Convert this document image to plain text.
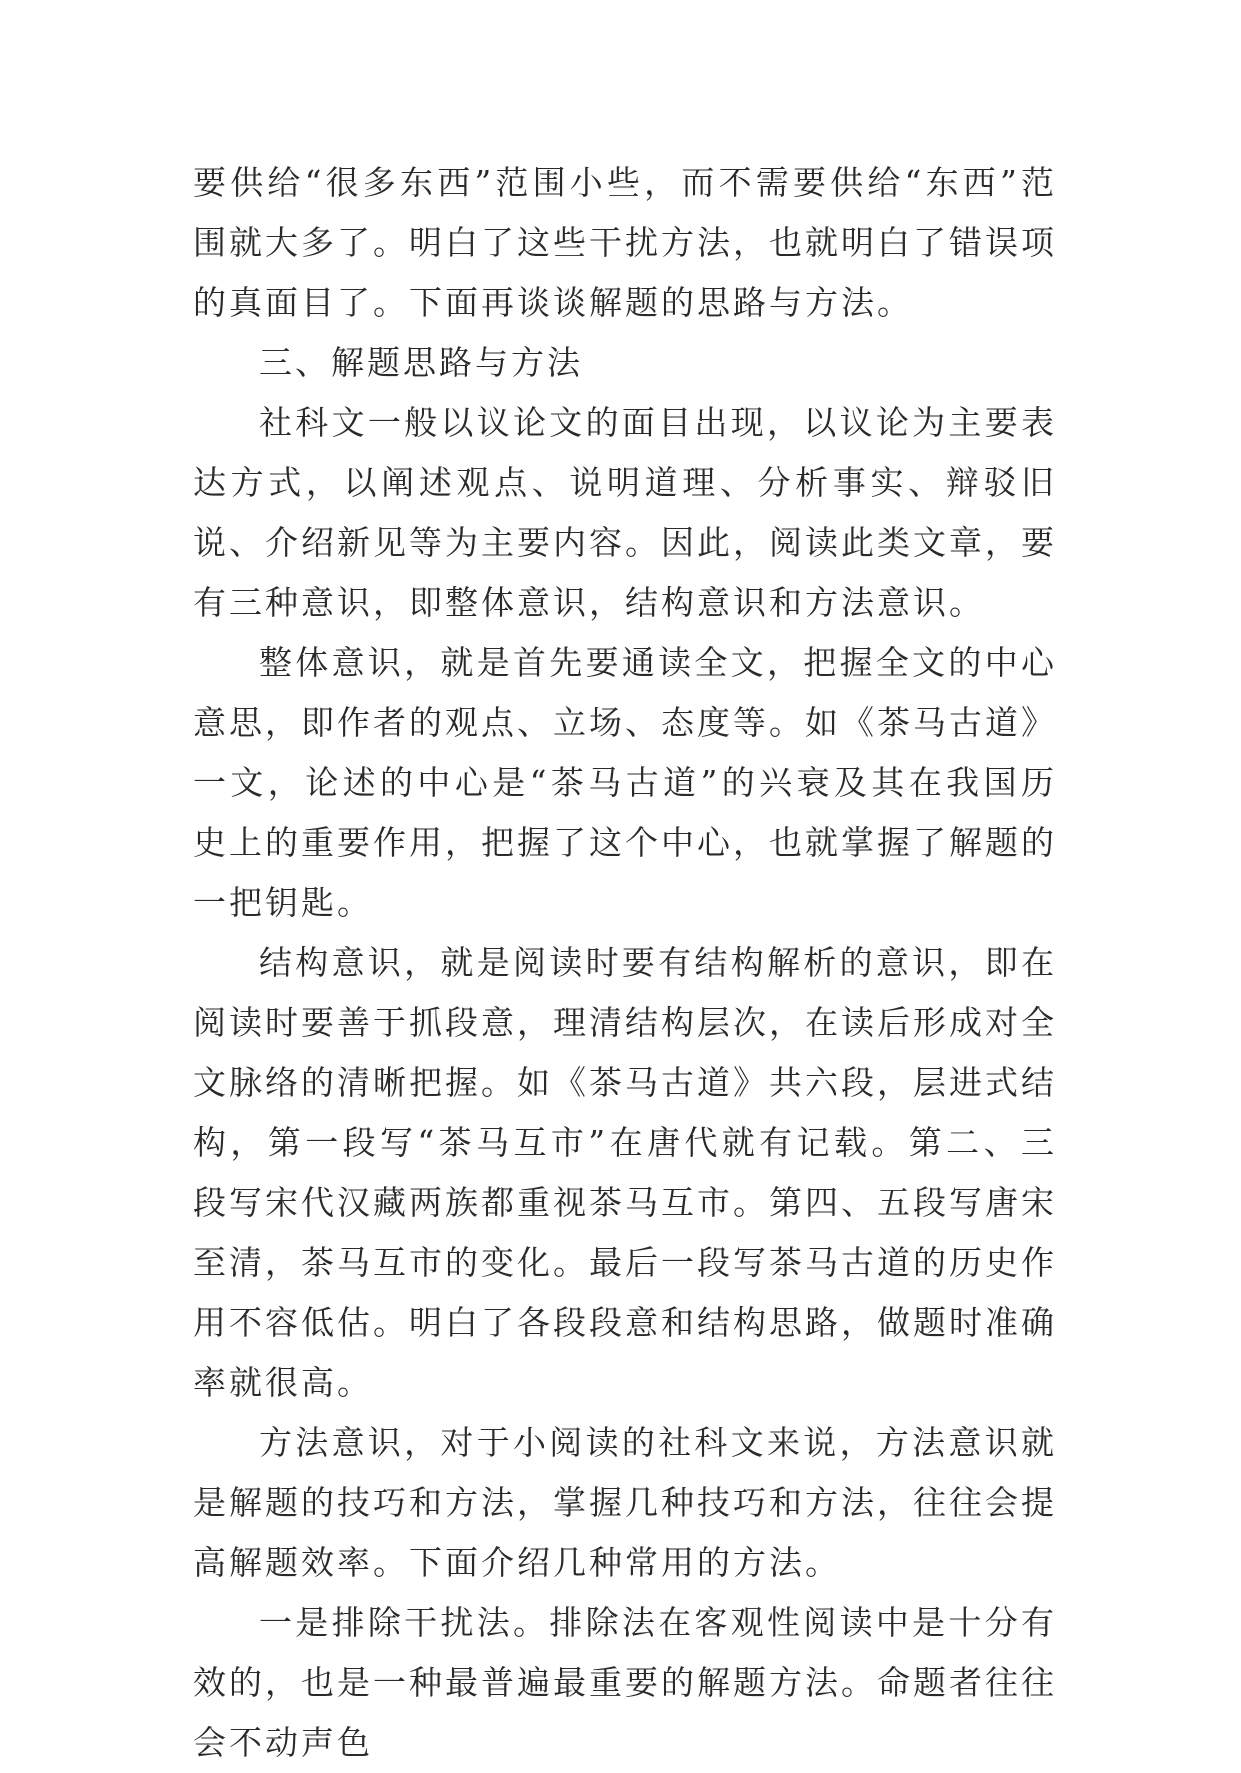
要供给“很多东西”范围小些，而不需要供给“东西”范围就大多了。明白了这些干扰方法，也就明白了错误项的真面目了。下面再谈谈解题的思路与方法。

三、解题思路与方法

社科文一般以议论文的面目出现，以议论为主要表达方式，以阐述观点、说明道理、分析事实、辩驳旧说、介绍新见等为主要内容。因此，阅读此类文章，要有三种意识，即整体意识，结构意识和方法意识。

整体意识，就是首先要通读全文，把握全文的中心意思，即作者的观点、立场、态度等。如《茶马古道》一文，论述的中心是“茶马古道”的兴衰及其在我国历史上的重要作用，把握了这个中心，也就掌握了解题的一把钥匙。

结构意识，就是阅读时要有结构解析的意识，即在阅读时要善于抓段意，理清结构层次，在读后形成对全文脉络的清晰把握。如《茶马古道》共六段，层进式结构，第一段写“茶马互市”在唐代就有记载。第二、三段写宋代汉藏两族都重视茶马互市。第四、五段写唐宋至清，茶马互市的变化。最后一段写茶马古道的历史作用不容低估。明白了各段段意和结构思路，做题时准确率就很高。

方法意识，对于小阅读的社科文来说，方法意识就是解题的技巧和方法，掌握几种技巧和方法，往往会提高解题效率。下面介绍几种常用的方法。

一是排除干扰法。排除法在客观性阅读中是十分有效的，也是一种最普遍最重要的解题方法。命题者往往会不动声色
